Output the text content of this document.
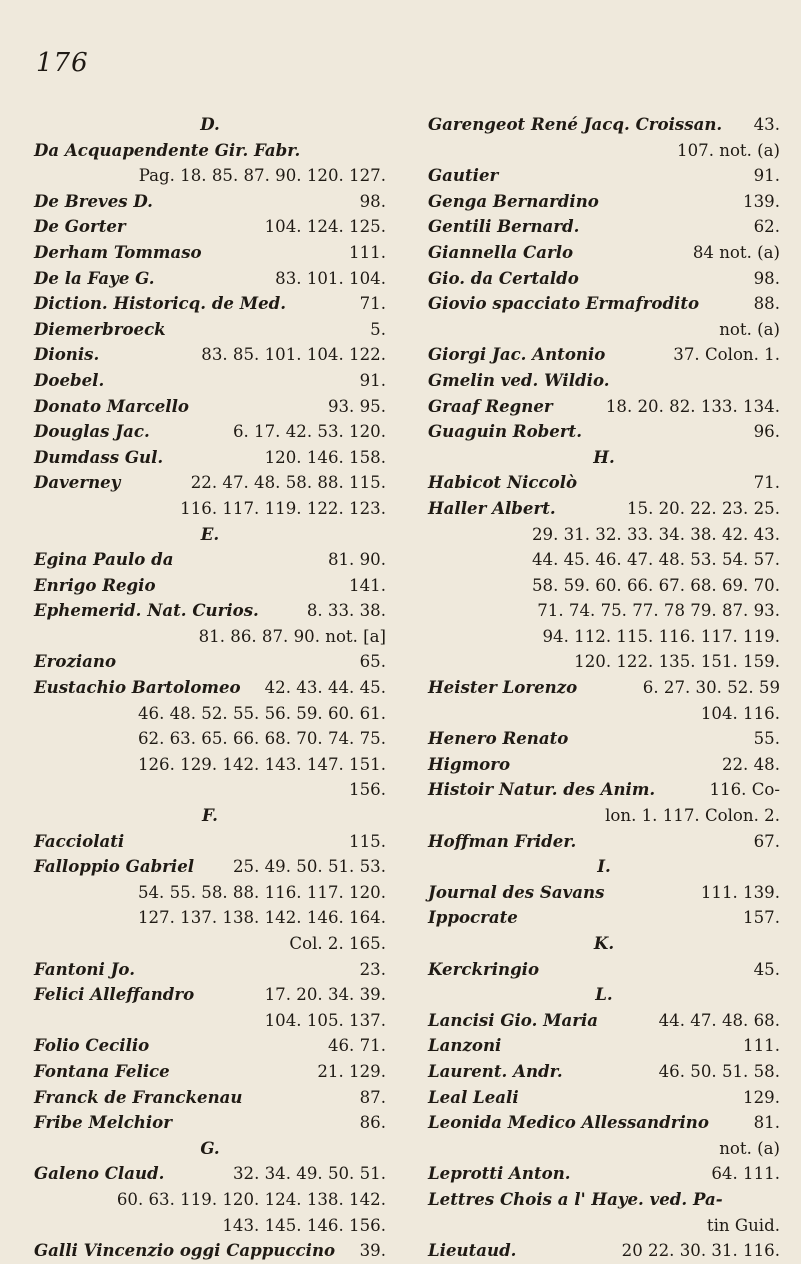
176
D.
Da Acquapendente Gir. Fabr.
Pag. 18. 85. 87. 90. 120. 127.
De Breves D.	98.
De Gorter	104. 124. 125.
Derham Tommaso	111.
De la Faye G.	83. 101. 104.
Diction. Historicq. de Med.	71.
Diemerbroeck	5.
Dionis.	83. 85. 101. 104. 122.
Doebel.	91.
Donato Marcello	93. 95.
Douglas Jac.	6. 17. 42. 53. 120.
Dumdass Gul.	120. 146. 158.
Daverney	22. 47. 48. 58. 88. 115.
116. 117. 119. 122. 123.
E.
Egina Paulo da	81. 90.
Enrigo Regio	141.
Ephemerid. Nat. Curios.	8. 33. 38.
81. 86. 87. 90. not. [a]
Eroziano	65.
Eustachio Bartolomeo 42. 43. 44. 45.
46. 48. 52. 55. 56. 59. 60. 61.
62. 63. 65. 66. 68. 70. 74. 75.
126. 129. 142. 143. 147. 151.
156.
F.
Facciolati	115.
Falloppio Gabriel 25. 49. 50. 51. 53.
54. 55. 58. 88. 116. 117. 120.
127. 137. 138. 142. 146. 164.
Col. 2. 165.
Fantoni Jo.	23.
Felici Alleffandro	17. 20. 34. 39.
104. 105. 137.
Folio Cecilio	46. 71.
Fontana Felice	21. 129.
Franck de Franckenau	87.
Fribe Melchior	86.
G.
Galeno Claud.	32. 34. 49. 50. 51.
60. 63. 119. 120. 124. 138. 142.
143. 145. 146. 156.
Galli Vincenzio oggi Cappuccino 39.
Garengeot René Jacq. Croissan. 43.
107. not. (a)
Gautier	91.
Genga Bernardino	139.
Gentili Bernard.	62.
Giannella Carlo	84 not. (a)
Gio. da Certaldo	98.
Giovio spacciato Ermafrodito	88.
not. (a)
Giorgi Jac. Antonio	37. Colon. 1.
Gmelin ved. Wildio.
Graaf Regner	18. 20. 82. 133. 134.
Guaguin Robert.	96.
H.
Habicot Niccolò	71.
Haller Albert.	15. 20. 22. 23. 25.
29. 31. 32. 33. 34. 38. 42. 43.
44. 45. 46. 47. 48. 53. 54. 57.
58. 59. 60. 66. 67. 68. 69. 70.
71. 74. 75. 77. 78 79. 87. 93.
94. 112. 115. 116. 117. 119.
120. 122. 135. 151. 159.
Heister Lorenzo	6. 27. 30. 52. 59
104. 116.
Henero Renato	55.
Higmoro	22. 48.
Histoir Natur. des Anim.	116. Co-
lon. 1. 117. Colon. 2.
Hoffman Frider.	67.
I.
Journal des Savans	111. 139.
Ippocrate	157.
K.
Kerckringio	45.
L.
Lancisi Gio. Maria	44. 47. 48. 68.
Lanzoni	111.
Laurent. Andr.	46. 50. 51. 58.
Leal Leali	129.
Leonida Medico Allessandrino	81.
not. (a)
Leprotti Anton.	64. 111.
Lettres Chois a l' Haye. ved. Pa-
tin Guid.
Lieutaud.	20 22. 30. 31. 116.
